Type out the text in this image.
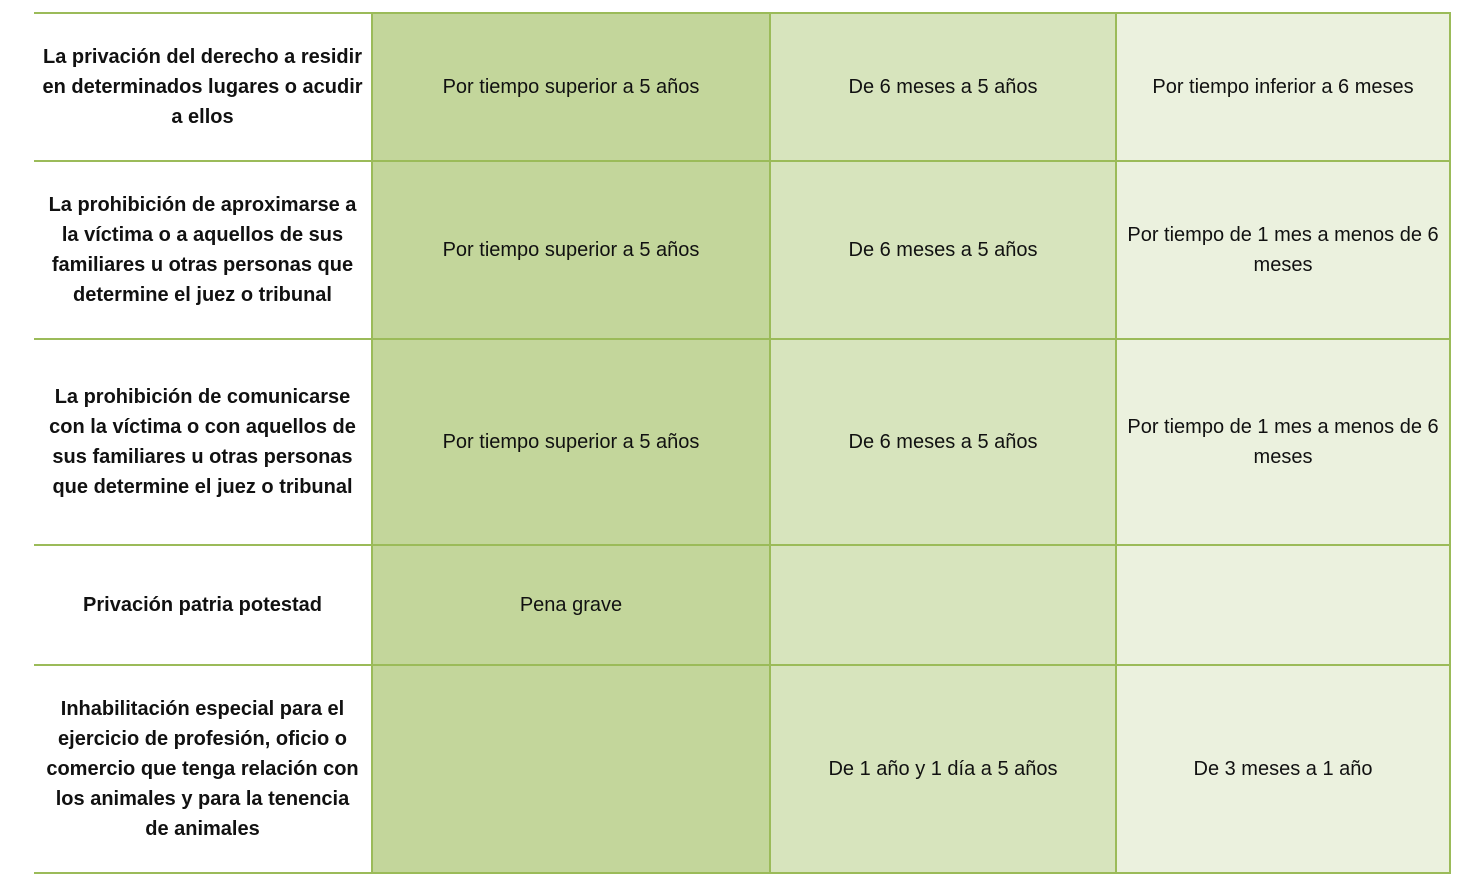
La privación del derecho a residir en determinados lugares o acudir a ellos	Por tiempo superior a 5 años	De 6 meses a 5 años	Por tiempo inferior a 6 meses
La prohibición de aproximarse a la víctima o a aquellos de sus familiares u otras personas que determine el juez o tribunal	Por tiempo superior a 5 años	De 6 meses a 5 años	Por tiempo de 1 mes a menos de 6 meses
La prohibición de comunicarse con la víctima o con aquellos de sus familiares u otras personas que determine el juez o tribunal	Por tiempo superior a 5 años	De 6 meses a 5 años	Por tiempo de 1 mes a menos de 6 meses
Privación patria potestad	Pena grave		
Inhabilitación especial para el ejercicio de profesión, oficio o comercio que tenga relación con los animales y para la tenencia de animales		De 1 año y 1 día a 5 años	De 3 meses a 1 año
